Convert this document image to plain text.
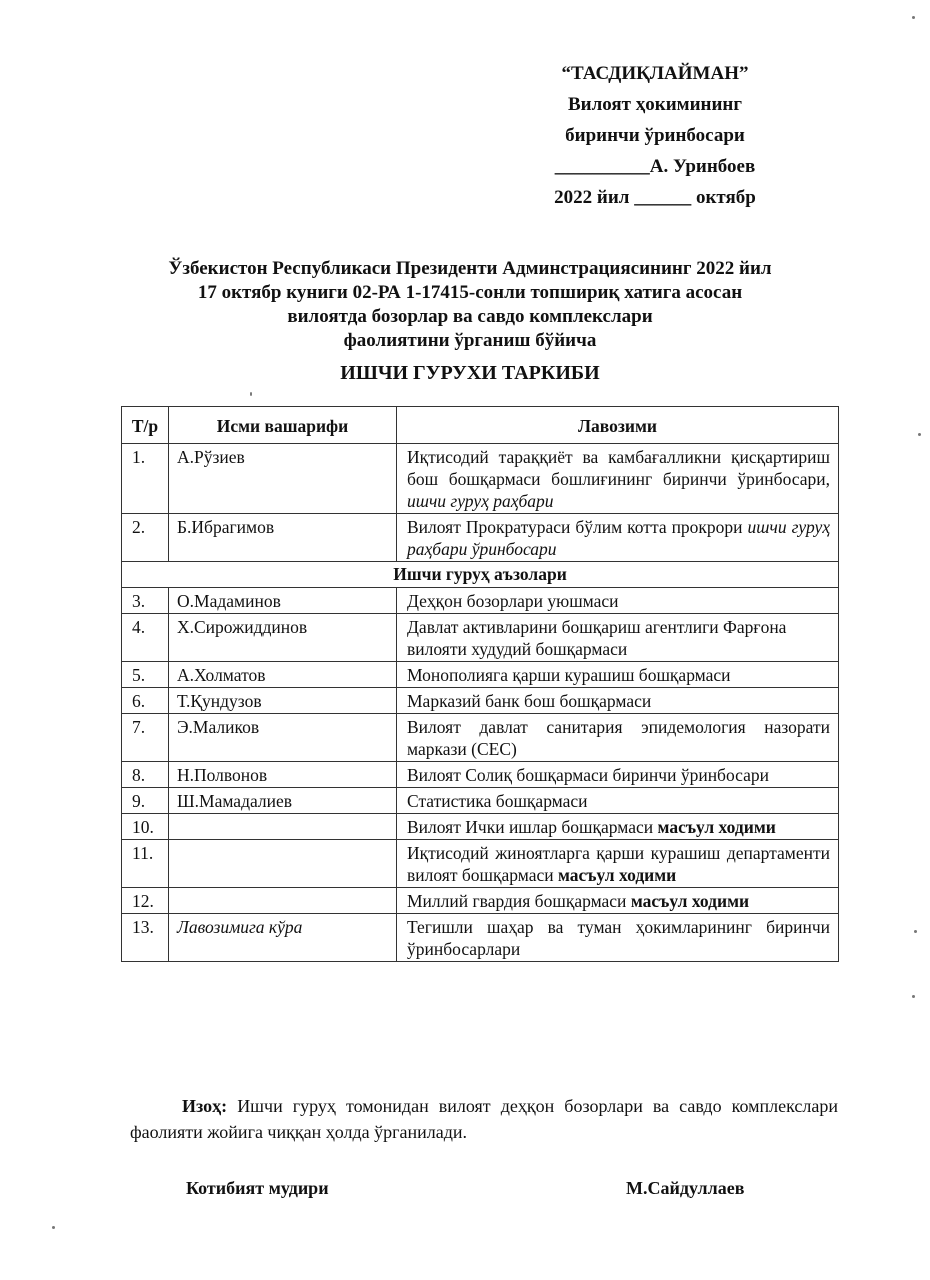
“ТАСДИҚЛАЙМАН”
Вилоят ҳокимининг
биринчи ўринбосари
__________А. Уринбоев
2022 йил ______ октябр
Ўзбекистон Республикаси Президенти Админстрациясининг 2022 йил
17 октябр куниги 02-РА 1-17415-сонли топшириқ хатига асосан
вилоятда бозорлар ва савдо комплекслари
фаолиятини ўрганиш бўйича
ИШЧИ ГУРУХИ ТАРКИБИ
Т/р	Исми вашарифи	Лавозими
1.	А.Рўзиев	Иқтисодий тараққиёт ва камбағалликни қисқартириш бош бошқармаси бошлиғининг биринчи ўринбосари, ишчи гуруҳ раҳбари
2.	Б.Ибрагимов	Вилоят Прократураси бўлим котта прокрори ишчи гуруҳ раҳбари ўринбосари
Ишчи гуруҳ аъзолари		
3.	О.Мадаминов	Деҳқон бозорлари уюшмаси
4.	Х.Сирожиддинов	Давлат активларини бошқариш агентлиги Фарғона вилояти худудий бошқармаси
5.	А.Холматов	Монополияга қарши курашиш бошқармаси
6.	Т.Қундузов	Марказий банк бош бошқармаси
7.	Э.Маликов	Вилоят давлат санитария эпидемология назорати маркази (СЕС)
8.	Н.Полвонов	Вилоят Солиқ бошқармаси биринчи ўринбосари
9.	Ш.Мамадалиев	Статистика бошқармаси
10.		Вилоят Ички ишлар бошқармаси масъул ходими
11.		Иқтисодий жиноятларга қарши курашиш департаменти вилоят бошқармаси масъул ходими
12.		Миллий гвардия бошқармаси масъул ходими
13.	Лавозимига кўра	Тегишли шаҳар ва туман ҳокимларининг биринчи ўринбосарлари
Изоҳ: Ишчи гуруҳ томонидан вилоят деҳқон бозорлари ва савдо комплекслари фаолияти жойига чиққан ҳолда ўрганилади.
Котибият мудири	М.Сайдуллаев
